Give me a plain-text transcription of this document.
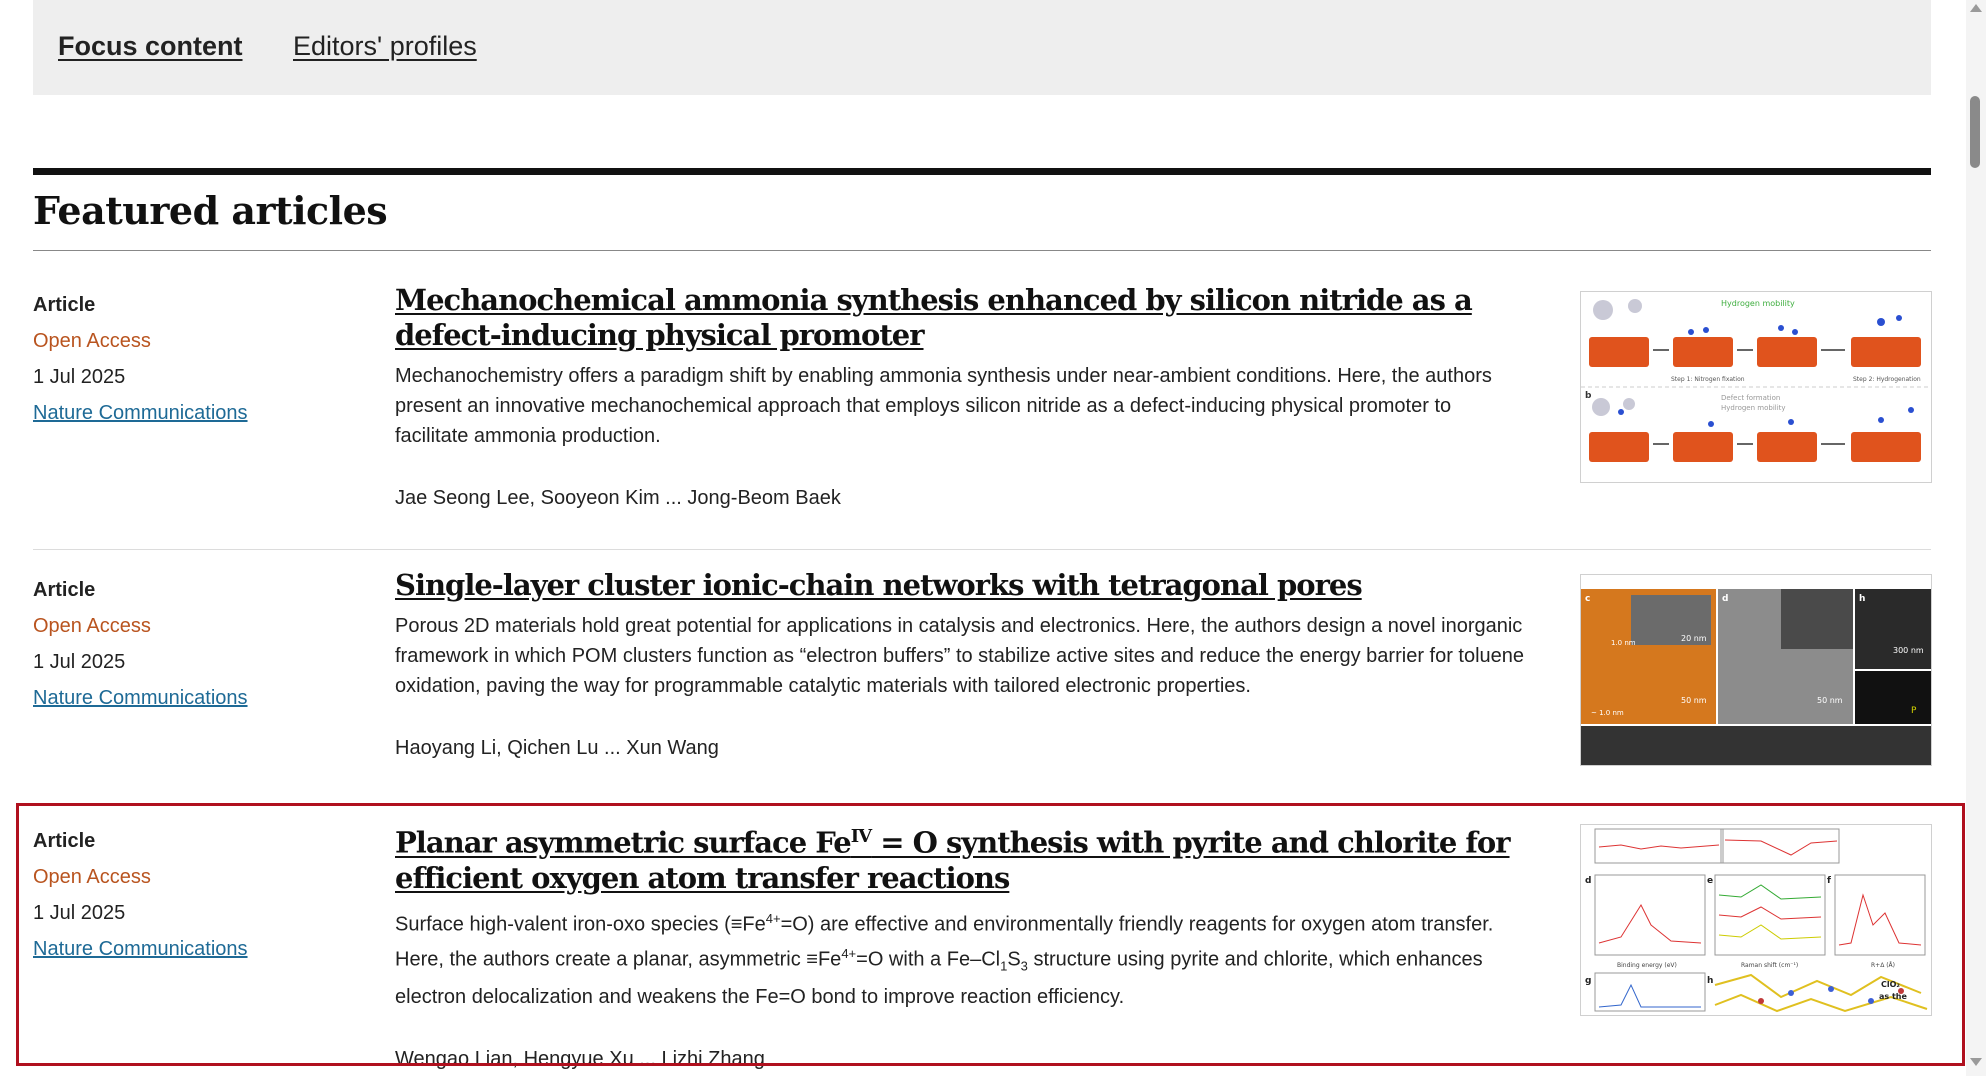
Focus content Editors' profiles
Featured articles
Article
Open Access
1 Jul 2025
Nature Communications
Mechanochemical ammonia synthesis enhanced by silicon nitride as a defect-inducing physical promoter
Mechanochemistry offers a paradigm shift by enabling ammonia synthesis under near-ambient conditions. Here, the authors present an innovative mechanochemical approach that employs silicon nitride as a defect-inducing physical promoter to facilitate ammonia production.
Jae Seong Lee, Sooyeon Kim ... Jong-Beom Baek
Hydrogen mobility
Defect formation
Hydrogen mobility
b
Step 1: Nitrogen fixation	Step 2: Hydrogenation
Article
Open Access
1 Jul 2025
Nature Communications
Single-layer cluster ionic-chain networks with tetragonal pores
Porous 2D materials hold great potential for applications in catalysis and electronics. Here, the authors design a novel inorganic framework in which POM clusters function as “electron buffers” to stabilize active sites and reduce the energy barrier for toluene oxidation, paving the way for programmable catalytic materials with tailored electronic properties.
Haoyang Li, Qichen Lu ... Xun Wang
c	d	h
20 nm
50 nm	50 nm
300 nm
~ 1.0 nm
1.0 nm
P
Article
Open Access
1 Jul 2025
Nature Communications
Planar asymmetric surface $Fe^{IV} = O$ synthesis with pyrite and chlorite for efficient oxygen atom transfer reactions
Surface high-valent iron-oxo species $(\equiv Fe^{4+}=O)$ are effective and environmentally friendly reagents for oxygen atom transfer. Here, the authors create a planar, asymmetric $\equiv Fe^{4+}=O$ with a $Fe-Cl_1S_3$ structure using pyrite and chlorite, which enhances electron delocalization and weakens the Fe=O bond to improve reaction efficiency.
Wengao Lian, Hengyue Xu ... Lizhi Zhang
d	e	f
g	h
Binding energy (eV)	Raman shift (cm⁻¹)	R+Δ (Å)
ClO₂
as the
